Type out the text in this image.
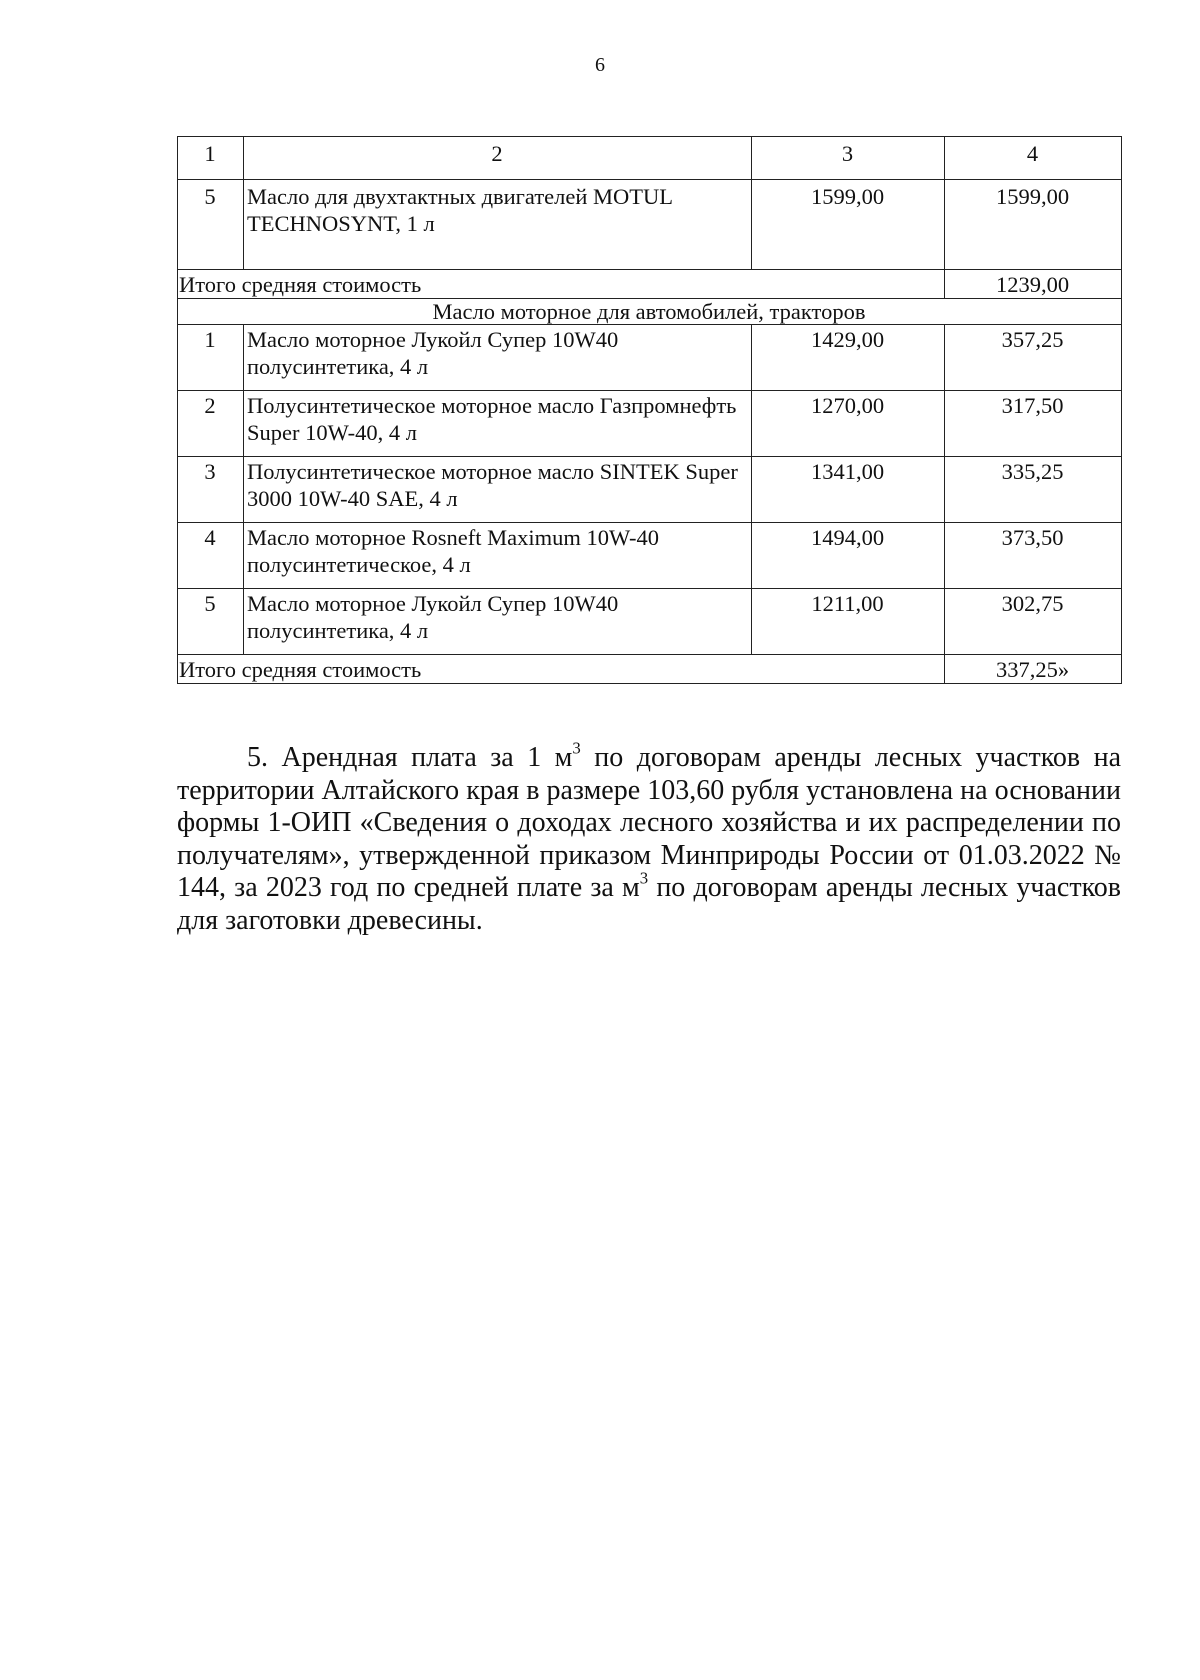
6
1	2	3	4
5	Масло для двухтактных двигателей MOTUL TECHNOSYNT, 1 л	1599,00	1599,00
Итого средняя стоимость			1239,00
Масло моторное для автомобилей, тракторов			
1	Масло моторное Лукойл Супер 10W40 полусинтетика, 4 л	1429,00	357,25
2	Полусинтетическое моторное масло Газпромнефть Super 10W-40, 4 л	1270,00	317,50
3	Полусинтетическое моторное масло SINTEK Super 3000 10W-40 SAE, 4 л	1341,00	335,25
4	Масло моторное Rosneft Maximum 10W-40 полусинтетическое, 4 л	1494,00	373,50
5	Масло моторное Лукойл Супер 10W40 полусинтетика, 4 л	1211,00	302,75
Итого средняя стоимость			337,25»

5. Арендная плата за 1 $м^3$ по договорам аренды лесных участков на территории Алтайского края в размере 103,60 рубля установлена на основании формы 1-ОИП «Сведения о доходах лесного хозяйства и их распределении по получателям», утвержденной приказом Минприроды России от 01.03.2022 № 144, за 2023 год по средней плате за $м^3$ по договорам аренды лесных участков для заготовки древесины.
